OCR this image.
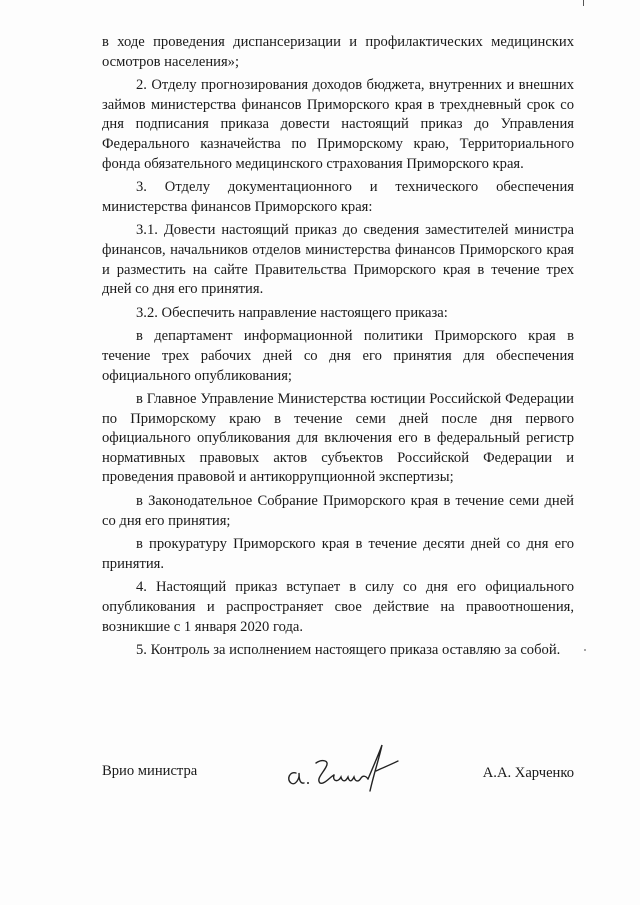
в ходе проведения диспансеризации и профилактических медицинских осмотров населения»;

2. Отделу прогнозирования доходов бюджета, внутренних и внешних займов министерства финансов Приморского края в трехдневный срок со дня подписания приказа довести настоящий приказ до Управления Федерального казначейства по Приморскому краю, Территориального фонда обязательного медицинского страхования Приморского края.

3. Отделу документационного и технического обеспечения министерства финансов Приморского края:

3.1. Довести настоящий приказ до сведения заместителей министра финансов, начальников отделов министерства финансов Приморского края и разместить на сайте Правительства Приморского края в течение трех дней со дня его принятия.

3.2. Обеспечить направление настоящего приказа:

в департамент информационной политики Приморского края в течение трех рабочих дней со дня его принятия для обеспечения официального опубликования;

в Главное Управление Министерства юстиции Российской Федерации по Приморскому краю в течение семи дней после дня первого официального опубликования для включения его в федеральный регистр нормативных правовых актов субъектов Российской Федерации и проведения правовой и антикоррупционной экспертизы;

в Законодательное Собрание Приморского края в течение семи дней со дня его принятия;

в прокуратуру Приморского края в течение десяти дней со дня его принятия.

4. Настоящий приказ вступает в силу со дня его официального опубликования и распространяет свое действие на правоотношения, возникшие с 1 января 2020 года.

5. Контроль за исполнением настоящего приказа оставляю за собой.

Врио министра	А.А. Харченко
